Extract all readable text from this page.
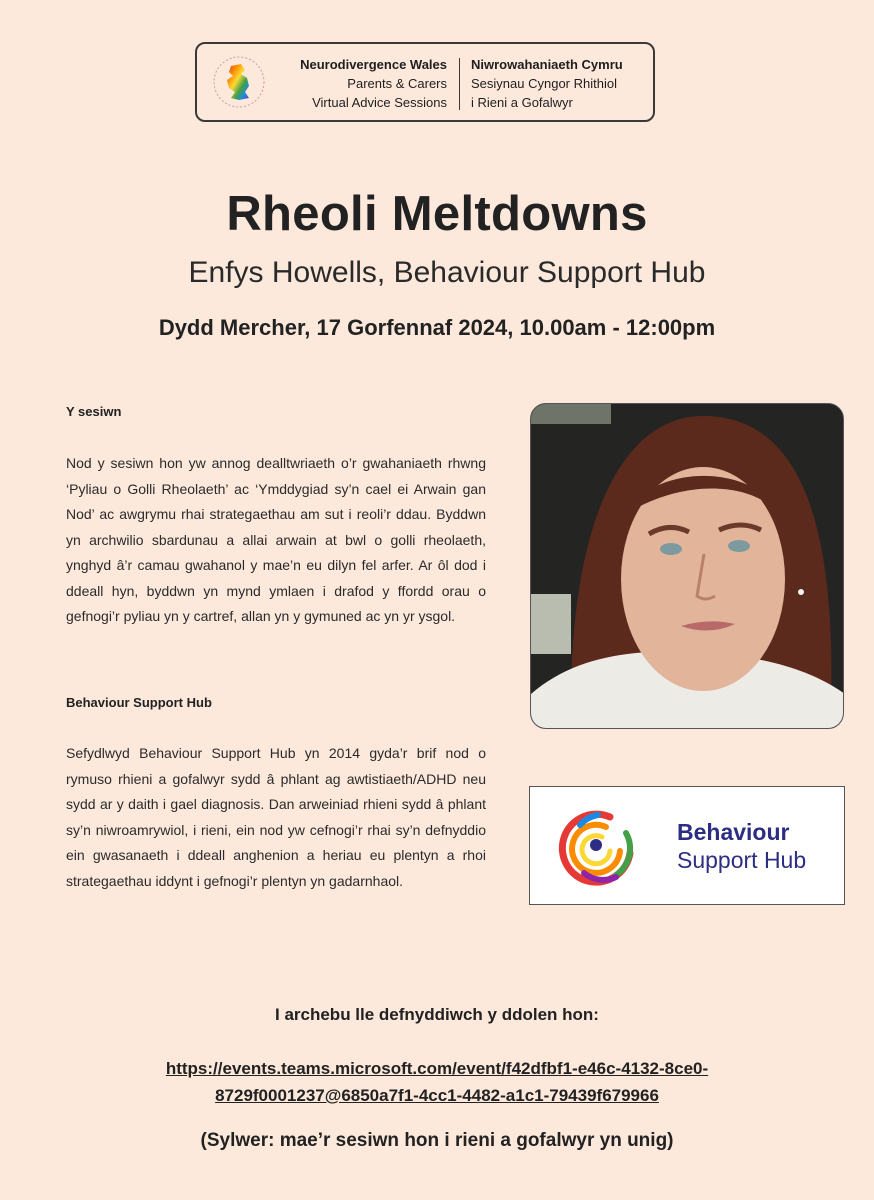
Neurodivergence Wales
Parents & Carers
Virtual Advice Sessions
Niwrowahaniaeth Cymru
Sesiynau Cyngor Rhithiol
i Rieni a Gofalwyr
Rheoli Meltdowns
Enfys Howells, Behaviour Support Hub
Dydd Mercher, 17 Gorfennaf 2024, 10.00am - 12:00pm
Y sesiwn
Nod y sesiwn hon yw annog dealltwriaeth o’r gwahaniaeth rhwng ‘Pyliau o Golli Rheolaeth’ ac ‘Ymddygiad sy’n cael ei Arwain gan Nod’ ac awgrymu rhai strategaethau am sut i reoli’r ddau. Byddwn yn archwilio sbardunau a allai arwain at bwl o golli rheolaeth, ynghyd â’r camau gwahanol y mae’n eu dilyn fel arfer. Ar ôl dod i ddeall hyn, byddwn yn mynd ymlaen i drafod y ffordd orau o gefnogi’r pyliau yn y cartref, allan yn y gymuned ac yn yr ysgol.
Behaviour Support Hub
Sefydlwyd Behaviour Support Hub yn 2014 gyda’r brif nod o rymuso rhieni a gofalwyr sydd â phlant ag awtistiaeth/ADHD neu sydd ar y daith i gael diagnosis. Dan arweiniad rhieni sydd â phlant sy’n niwroamrywiol, i rieni, ein nod yw cefnogi’r rhai sy’n defnyddio ein gwasanaeth i ddeall anghenion a heriau eu plentyn a rhoi strategaethau iddynt i gefnogi’r plentyn yn gadarnhaol.
Behaviour
Support Hub
I archebu lle defnyddiwch y ddolen hon:
https://events.teams.microsoft.com/event/f42dfbf1-e46c-4132-8ce0-
8729f0001237@6850a7f1-4cc1-4482-a1c1-79439f679966
(Sylwer: mae’r sesiwn hon i rieni a gofalwyr yn unig)
